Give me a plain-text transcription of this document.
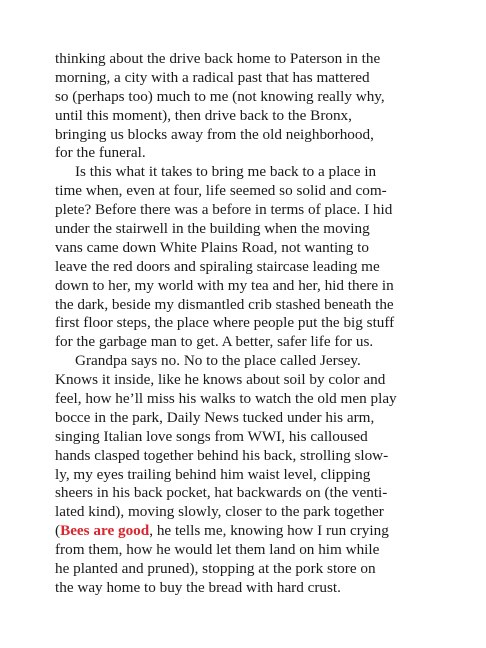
thinking about the drive back home to Paterson in the
morning, a city with a radical past that has mattered
so (perhaps too) much to me (not knowing really why,
until this moment), then drive back to the Bronx,
bringing us blocks away from the old neighborhood,
for the funeral.
Is this what it takes to bring me back to a place in
time when, even at four, life seemed so solid and com-
plete? Before there was a before in terms of place. I hid
under the stairwell in the building when the moving
vans came down White Plains Road, not wanting to
leave the red doors and spiraling staircase leading me
down to her, my world with my tea and her, hid there in
the dark, beside my dismantled crib stashed beneath the
first floor steps, the place where people put the big stuff
for the garbage man to get. A better, safer life for us.
Grandpa says no. No to the place called Jersey.
Knows it inside, like he knows about soil by color and
feel, how he’ll miss his walks to watch the old men play
bocce in the park, Daily News tucked under his arm,
singing Italian love songs from WWI, his calloused
hands clasped together behind his back, strolling slow-
ly, my eyes trailing behind him waist level, clipping
sheers in his back pocket, hat backwards on (the venti-
lated kind), moving slowly, closer to the park together
(Bees are good, he tells me, knowing how I run crying
from them, how he would let them land on him while
he planted and pruned), stopping at the pork store on
the way home to buy the bread with hard crust.
